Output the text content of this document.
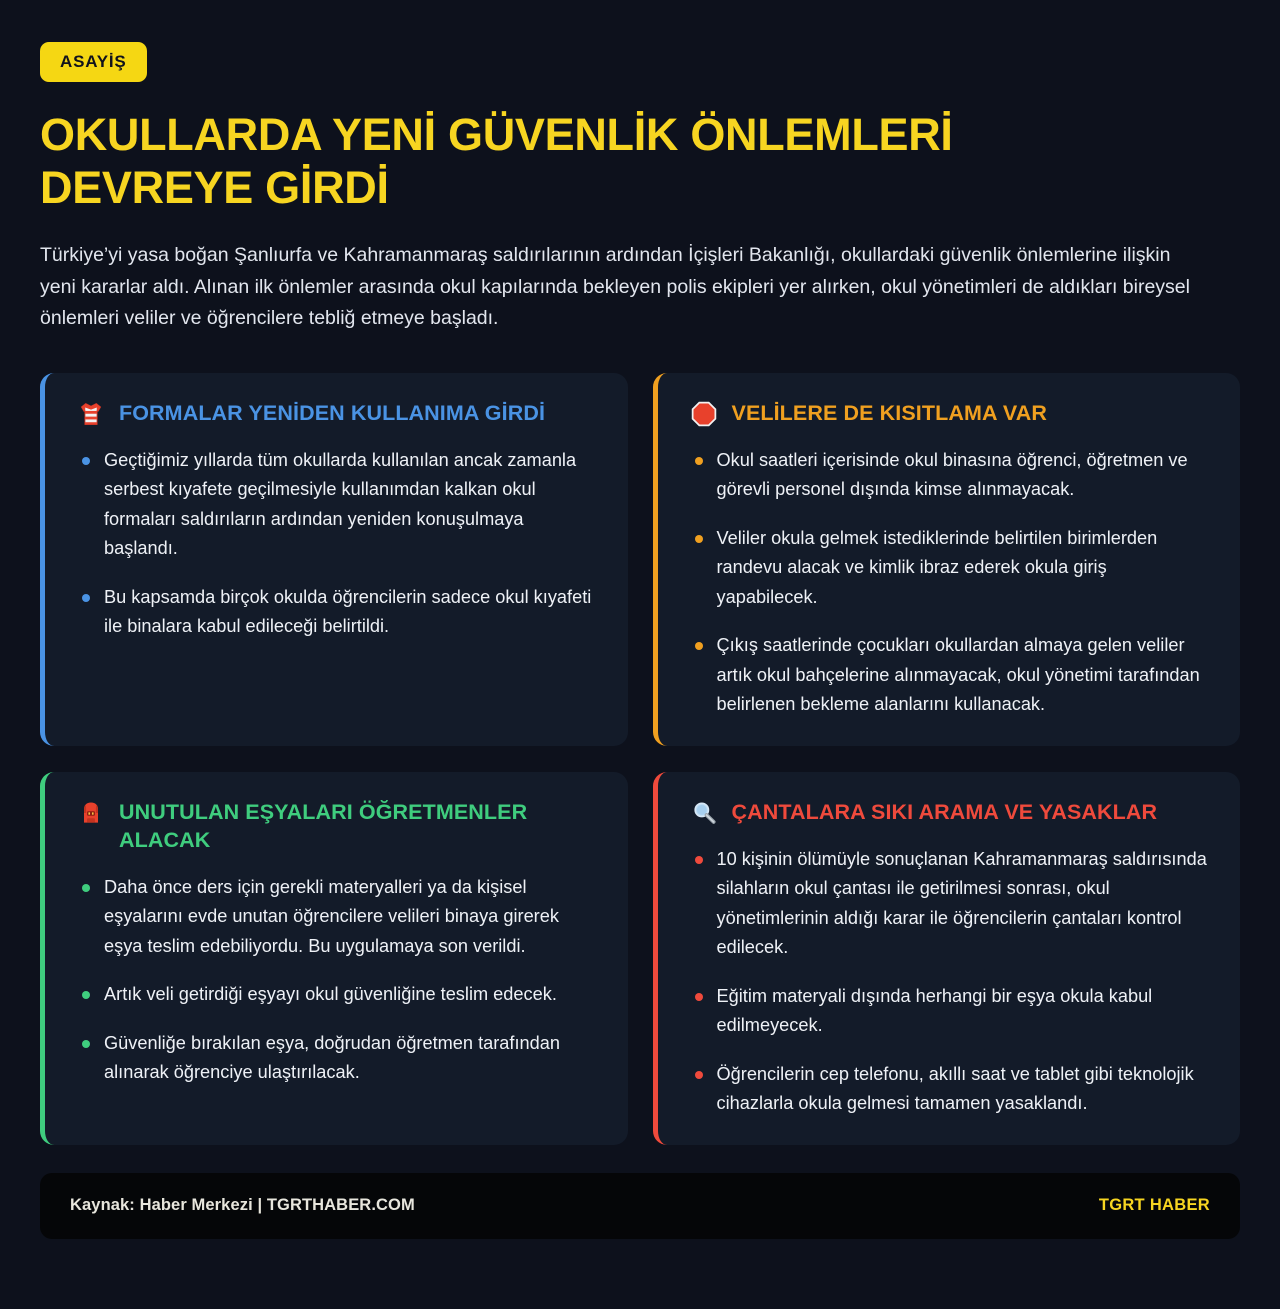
ASAYİŞ
OKULLARDA YENİ GÜVENLİK ÖNLEMLERİ DEVREYE GİRDİ

Türkiye’yi yasa boğan Şanlıurfa ve Kahramanmaraş saldırılarının ardından İçişleri Bakanlığı, okullardaki güvenlik önlemlerine ilişkin yeni kararlar aldı. Alınan ilk önlemler arasında okul kapılarında bekleyen polis ekipleri yer alırken, okul yönetimleri de aldıkları bireysel önlemleri veliler ve öğrencilere tebliğ etmeye başladı.

FORMALAR YENİDEN KULLANIMA GİRDİ
Geçtiğimiz yıllarda tüm okullarda kullanılan ancak zamanla serbest kıyafete geçilmesiyle kullanımdan kalkan okul formaları saldırıların ardından yeniden konuşulmaya başlandı.
Bu kapsamda birçok okulda öğrencilerin sadece okul kıyafeti ile binalara kabul edileceği belirtildi.
VELİLERE DE KISITLAMA VAR
Okul saatleri içerisinde okul binasına öğrenci, öğretmen ve görevli personel dışında kimse alınmayacak.
Veliler okula gelmek istediklerinde belirtilen birimlerden randevu alacak ve kimlik ibraz ederek okula giriş yapabilecek.
Çıkış saatlerinde çocukları okullardan almaya gelen veliler artık okul bahçelerine alınmayacak, okul yönetimi tarafından belirlenen bekleme alanlarını kullanacak.
UNUTULAN EŞYALARI ÖĞRETMENLER ALACAK
Daha önce ders için gerekli materyalleri ya da kişisel eşyalarını evde unutan öğrencilere velileri binaya girerek eşya teslim edebiliyordu. Bu uygulamaya son verildi.
Artık veli getirdiği eşyayı okul güvenliğine teslim edecek.
Güvenliğe bırakılan eşya, doğrudan öğretmen tarafından alınarak öğrenciye ulaştırılacak.
ÇANTALARA SIKI ARAMA VE YASAKLAR
10 kişinin ölümüyle sonuçlanan Kahramanmaraş saldırısında silahların okul çantası ile getirilmesi sonrası, okul yönetimlerinin aldığı karar ile öğrencilerin çantaları kontrol edilecek.
Eğitim materyali dışında herhangi bir eşya okula kabul edilmeyecek.
Öğrencilerin cep telefonu, akıllı saat ve tablet gibi teknolojik cihazlarla okula gelmesi tamamen yasaklandı.
Kaynak: Haber Merkezi | TGRTHABER.COM	TGRT HABER
